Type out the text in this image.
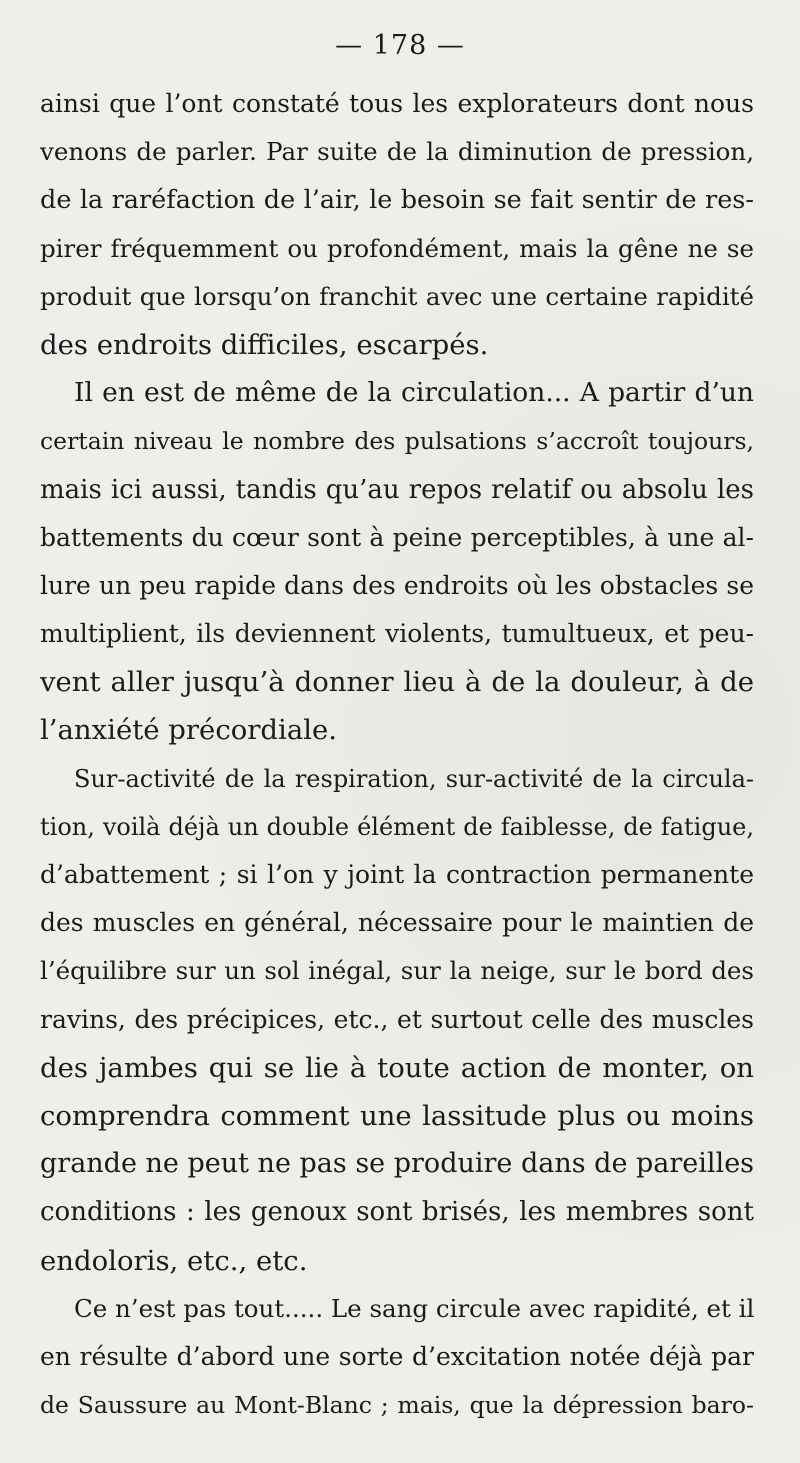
— 178 —
ainsi que l’ont constaté tous les explorateurs dont nous
venons de parler. Par suite de la diminution de pression,
de la raréfaction de l’air, le besoin se fait sentir de res-
pirer fréquemment ou profondément, mais la gêne ne se
produit que lorsqu’on franchit avec une certaine rapidité
des endroits difficiles, escarpés.
Il en est de même de la circulation... A partir d’un
certain niveau le nombre des pulsations s’accroît toujours,
mais ici aussi, tandis qu’au repos relatif ou absolu les
battements du cœur sont à peine perceptibles, à une al-
lure un peu rapide dans des endroits où les obstacles se
multiplient, ils deviennent violents, tumultueux, et peu-
vent aller jusqu’à donner lieu à de la douleur, à de
l’anxiété précordiale.
Sur-activité de la respiration, sur-activité de la circula-
tion, voilà déjà un double élément de faiblesse, de fatigue,
d’abattement ; si l’on y joint la contraction permanente
des muscles en général, nécessaire pour le maintien de
l’équilibre sur un sol inégal, sur la neige, sur le bord des
ravins, des précipices, etc., et surtout celle des muscles
des jambes qui se lie à toute action de monter, on
comprendra comment une lassitude plus ou moins
grande ne peut ne pas se produire dans de pareilles
conditions : les genoux sont brisés, les membres sont
endoloris, etc., etc.
Ce n’est pas tout..... Le sang circule avec rapidité, et il
en résulte d’abord une sorte d’excitation notée déjà par
de Saussure au Mont-Blanc ; mais, que la dépression baro-
